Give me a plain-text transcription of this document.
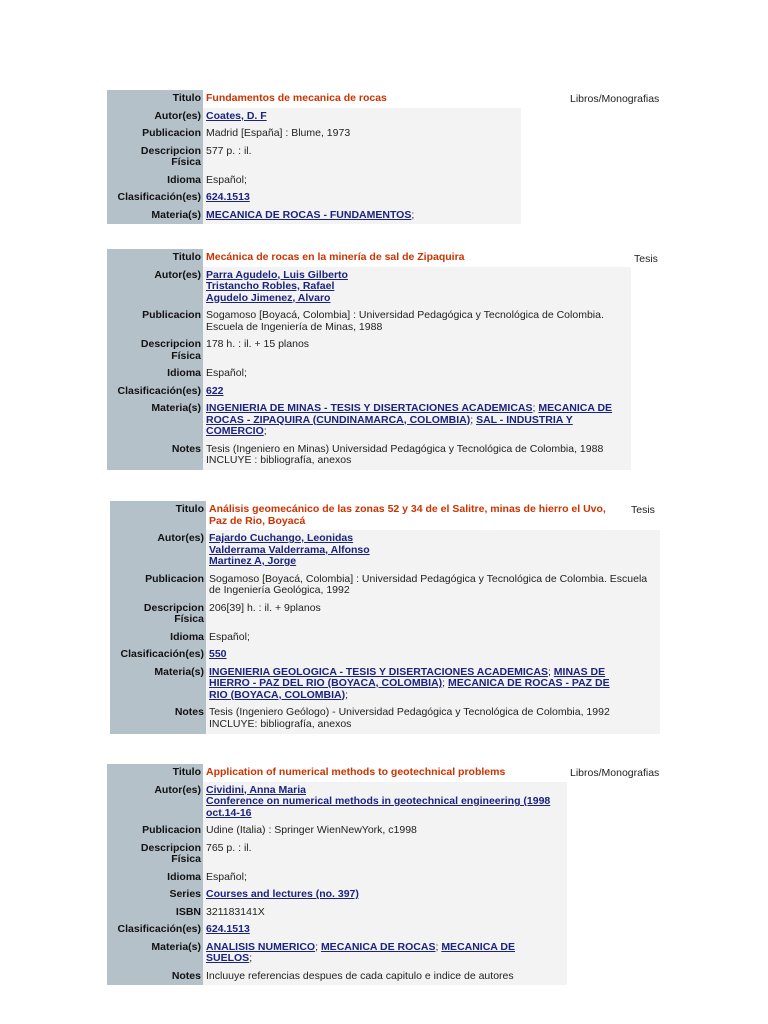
Titulo	Fundamentos de mecanica de rocas
Autor(es)	Coates, D. F
Publicacion	Madrid [España] : Blume, 1973
Descripcion Física	577 p. : il.
Idioma	Español;
Clasificación(es)	624.1513
Materia(s)	MECANICA DE ROCAS - FUNDAMENTOS;
Libros/Monografias
Titulo	Mecánica de rocas en la minería de sal de Zipaquira
Autor(es)	Parra Agudelo, Luis Gilberto
Tristancho Robles, Rafael
Agudelo Jimenez, Alvaro
Publicacion	Sogamoso [Boyacá, Colombia] : Universidad Pedagógica y Tecnológica de Colombia. Escuela de Ingeniería de Minas, 1988
Descripcion Física	178 h. : il. + 15 planos
Idioma	Español;
Clasificación(es)	622
Materia(s)	INGENIERIA DE MINAS - TESIS Y DISERTACIONES ACADEMICAS; MECANICA DE ROCAS - ZIPAQUIRA (CUNDINAMARCA, COLOMBIA); SAL - INDUSTRIA Y COMERCIO;
Notes	Tesis (Ingeniero en Minas) Universidad Pedagógica y Tecnológica de Colombia, 1988
INCLUYE : bibliografía, anexos
Tesis
Titulo	Análisis geomecánico de las zonas 52 y 34 de el Salitre, minas de hierro el Uvo, Paz de Rio, Boyacá
Autor(es)	Fajardo Cuchango, Leonidas
Valderrama Valderrama, Alfonso
Martinez A, Jorge
Publicacion	Sogamoso [Boyacá, Colombia] : Universidad Pedagógica y Tecnológica de Colombia. Escuela de Ingeniería Geológica, 1992
Descripcion Física	206[39] h. : il. + 9planos
Idioma	Español;
Clasificación(es)	550
Materia(s)	INGENIERIA GEOLOGICA - TESIS Y DISERTACIONES ACADEMICAS; MINAS DE HIERRO - PAZ DEL RIO (BOYACA, COLOMBIA); MECANICA DE ROCAS - PAZ DE RIO (BOYACA, COLOMBIA);
Notes	Tesis (Ingeniero Geólogo) - Universidad Pedagógica y Tecnológica de Colombia, 1992
INCLUYE: bibliografía, anexos
Tesis
Titulo	Application of numerical methods to geotechnical problems
Autor(es)	Cividini, Anna Maria
Conference on numerical methods in geotechnical engineering (1998 oct.14-16
Publicacion	Udine (Italia) : Springer WienNewYork, c1998
Descripcion Física	765 p. : il.
Idioma	Español;
Series	Courses and lectures (no. 397)
ISBN	321183141X
Clasificación(es)	624.1513
Materia(s)	ANALISIS NUMERICO; MECANICA DE ROCAS; MECANICA DE SUELOS;
Notes	Incluuye referencias despues de cada capitulo e indice de autores
Libros/Monografias
